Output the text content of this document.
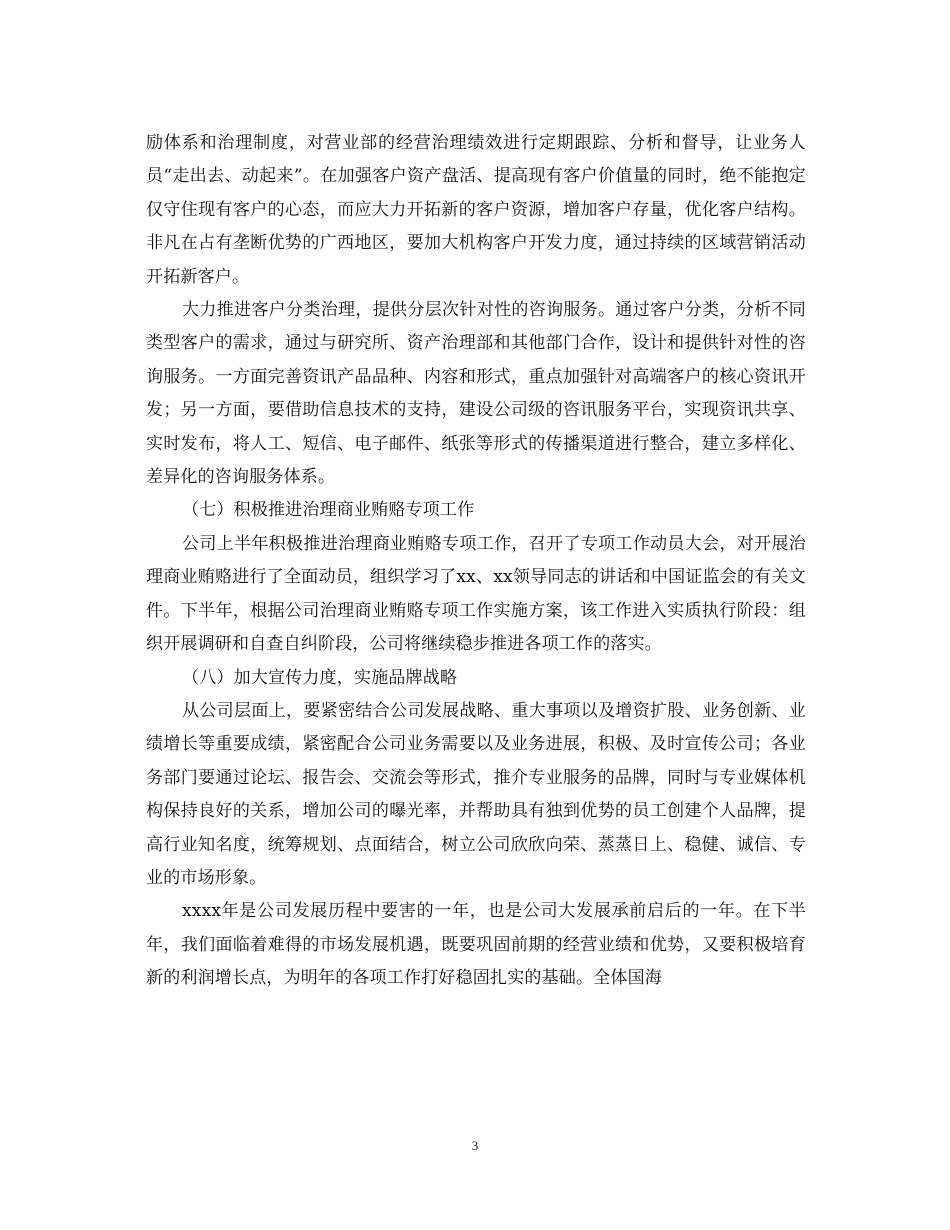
励体系和治理制度，对营业部的经营治理绩效进行定期跟踪、分析和督导，让业务人员“走出去、动起来”。在加强客户资产盘活、提高现有客户价值量的同时，绝不能抱定仅守住现有客户的心态，而应大力开拓新的客户资源，增加客户存量，优化客户结构。非凡在占有垄断优势的广西地区，要加大机构客户开发力度，通过持续的区域营销活动开拓新客户。

大力推进客户分类治理，提供分层次针对性的咨询服务。通过客户分类，分析不同类型客户的需求，通过与研究所、资产治理部和其他部门合作，设计和提供针对性的咨询服务。一方面完善资讯产品品种、内容和形式，重点加强针对高端客户的核心资讯开发；另一方面，要借助信息技术的支持，建设公司级的咨讯服务平台，实现资讯共享、实时发布，将人工、短信、电子邮件、纸张等形式的传播渠道进行整合，建立多样化、差异化的咨询服务体系。

（七）积极推进治理商业贿赂专项工作

公司上半年积极推进治理商业贿赂专项工作，召开了专项工作动员大会，对开展治理商业贿赂进行了全面动员，组织学习了xx、xx领导同志的讲话和中国证监会的有关文件。下半年，根据公司治理商业贿赂专项工作实施方案，该工作进入实质执行阶段：组织开展调研和自查自纠阶段，公司将继续稳步推进各项工作的落实。

（八）加大宣传力度，实施品牌战略

从公司层面上，要紧密结合公司发展战略、重大事项以及增资扩股、业务创新、业绩增长等重要成绩，紧密配合公司业务需要以及业务进展，积极、及时宣传公司；各业务部门要通过论坛、报告会、交流会等形式，推介专业服务的品牌，同时与专业媒体机构保持良好的关系，增加公司的曝光率，并帮助具有独到优势的员工创建个人品牌，提高行业知名度，统筹规划、点面结合，树立公司欣欣向荣、蒸蒸日上、稳健、诚信、专业的市场形象。

xxxx年是公司发展历程中要害的一年，也是公司大发展承前启后的一年。在下半年，我们面临着难得的市场发展机遇，既要巩固前期的经营业绩和优势，又要积极培育新的利润增长点，为明年的各项工作打好稳固扎实的基础。全体国海

3
